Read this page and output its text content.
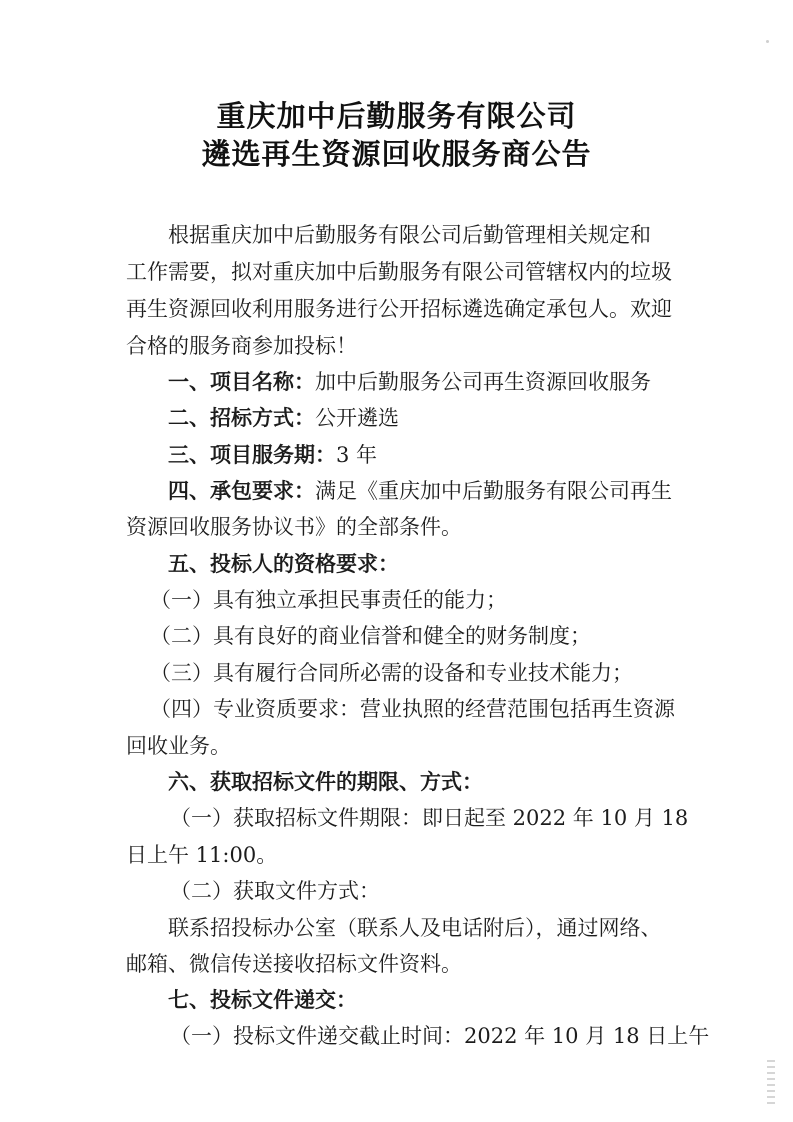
重庆加中后勤服务有限公司
遴选再生资源回收服务商公告
根据重庆加中后勤服务有限公司后勤管理相关规定和
工作需要，拟对重庆加中后勤服务有限公司管辖权内的垃圾
再生资源回收利用服务进行公开招标遴选确定承包人。欢迎
合格的服务商参加投标！
一、项目名称：加中后勤服务公司再生资源回收服务
二、招标方式：公开遴选
三、项目服务期：3 年
四、承包要求：满足《重庆加中后勤服务有限公司再生
资源回收服务协议书》的全部条件。
五、投标人的资格要求：
（一）具有独立承担民事责任的能力；
（二）具有良好的商业信誉和健全的财务制度；
（三）具有履行合同所必需的设备和专业技术能力；
（四）专业资质要求：营业执照的经营范围包括再生资源
回收业务。
六、获取招标文件的期限、方式：
（一）获取招标文件期限：即日起至 2022 年 10 月 18
日上午 11:00。
（二）获取文件方式：
联系招投标办公室（联系人及电话附后），通过网络、
邮箱、微信传送接收招标文件资料。
七、投标文件递交：
（一）投标文件递交截止时间：2022 年 10 月 18 日上午
